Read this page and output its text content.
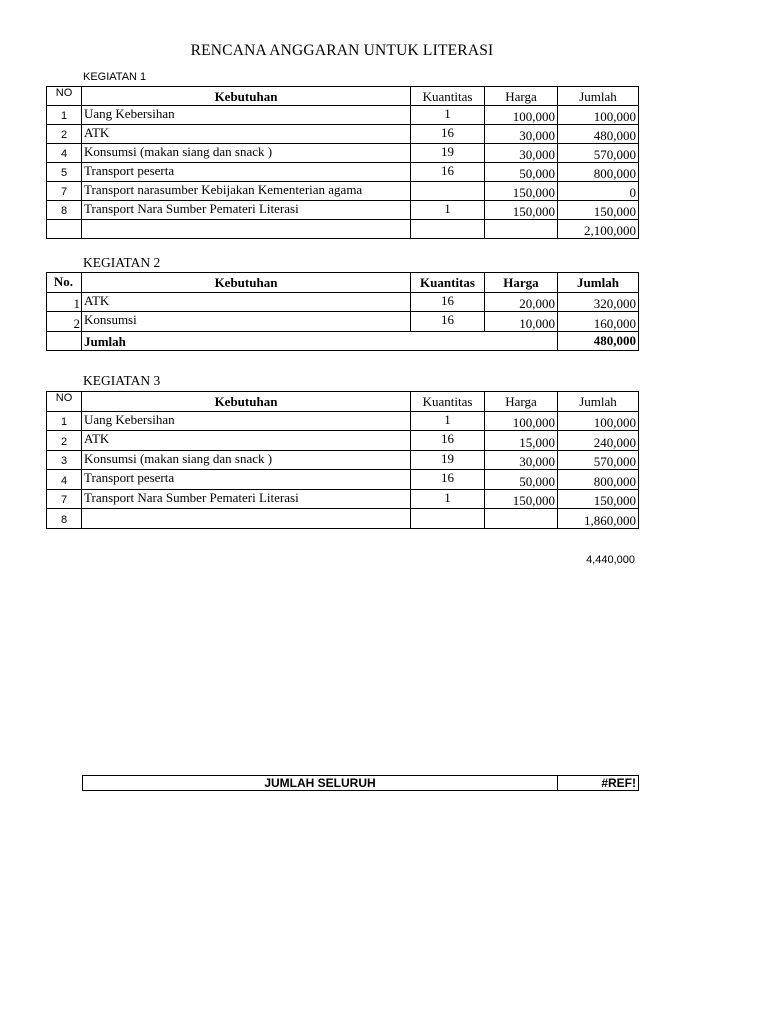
RENCANA ANGGARAN UNTUK LITERASI
KEGIATAN 1
NO	Kebutuhan	Kuantitas	Harga	Jumlah
1	Uang Kebersihan	1	100,000	100,000
2	ATK	16	30,000	480,000
4	Konsumsi (makan siang dan snack )	19	30,000	570,000
5	Transport peserta	16	50,000	800,000
7	Transport narasumber Kebijakan Kementerian agama		150,000	0
8	Transport Nara Sumber Pemateri Literasi	1	150,000	150,000
				2,100,000
KEGIATAN 2
No.	Kebutuhan	Kuantitas	Harga	Jumlah
1	ATK	16	20,000	320,000
2	Konsumsi	16	10,000	160,000
	Jumlah			480,000
KEGIATAN 3
NO	Kebutuhan	Kuantitas	Harga	Jumlah
1	Uang Kebersihan	1	100,000	100,000
2	ATK	16	15,000	240,000
3	Konsumsi (makan siang dan snack )	19	30,000	570,000
4	Transport peserta	16	50,000	800,000
7	Transport Nara Sumber Pemateri Literasi	1	150,000	150,000
8				1,860,000
4,440,000
JUMLAH SELURUH	#REF!
